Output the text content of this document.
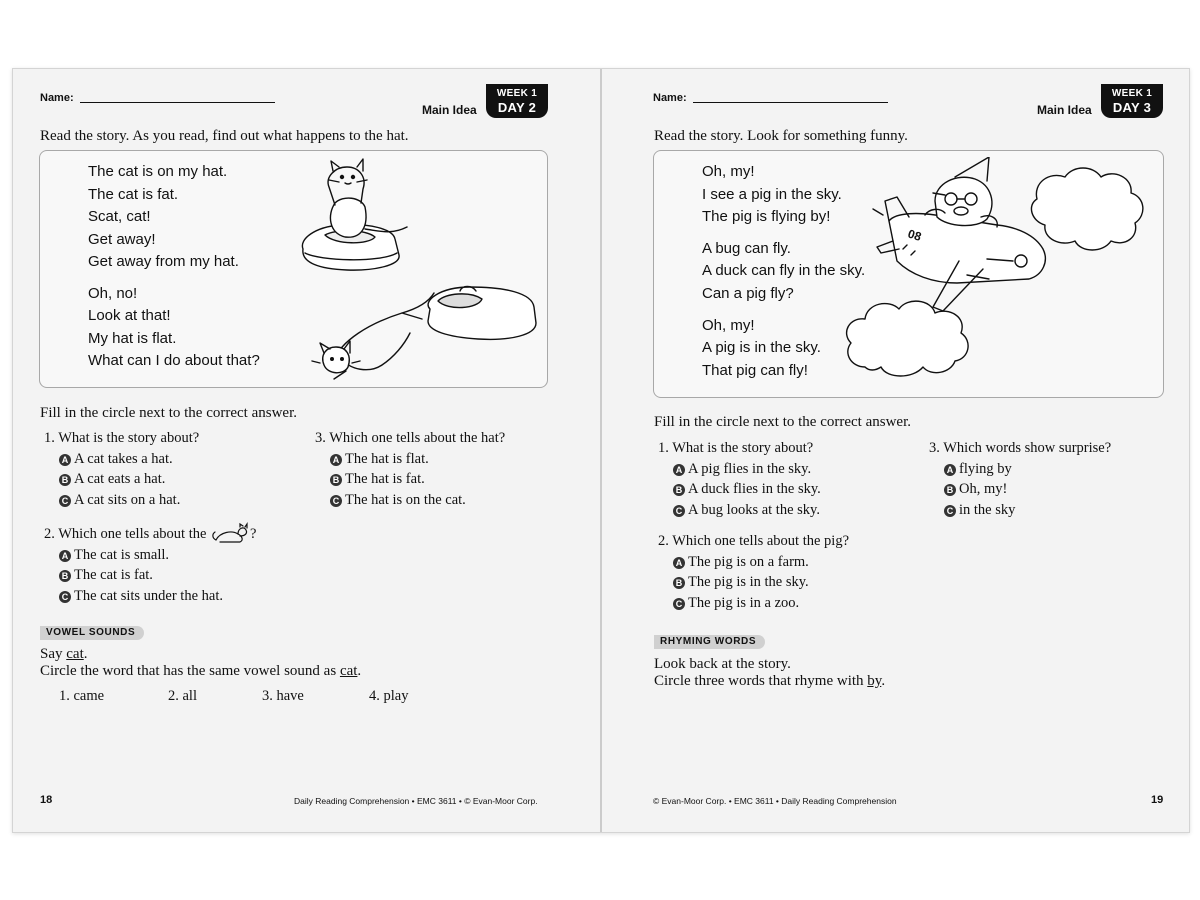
Name:
Main Idea
WEEK 1
DAY 2
Read the story. As you read, find out what happens to the hat.
The cat is on my hat.
The cat is fat.
Scat, cat!
Get away!
Get away from my hat.
Oh, no!
Look at that!
My hat is flat.
What can I do about that?
Fill in the circle next to the correct answer.
1. What is the story about?
A A cat takes a hat.
B A cat eats a hat.
C A cat sits on a hat.
3. Which one tells about the hat?
A The hat is flat.
B The hat is fat.
C The hat is on the cat.
2. Which one tells about the	?
A The cat is small.
B The cat is fat.
C The cat sits under the hat.
VOWEL SOUNDS
Say cat.
Circle the word that has the same vowel sound as cat.
1. came	2. all	3. have	4. play
18	Daily Reading Comprehension • EMC 3611 • © Evan-Moor Corp.
Name:
Main Idea
WEEK 1
DAY 3
Read the story. Look for something funny.
Oh, my!
I see a pig in the sky.
The pig is flying by!
A bug can fly.
A duck can fly in the sky.
Can a pig fly?
Oh, my!
A pig is in the sky.
That pig can fly!
08
Fill in the circle next to the correct answer.
1. What is the story about?
A A pig flies in the sky.
B A duck flies in the sky.
C A bug looks at the sky.
3. Which words show surprise?
A flying by
B Oh, my!
C in the sky
2. Which one tells about the pig?
A The pig is on a farm.
B The pig is in the sky.
C The pig is in a zoo.
RHYMING WORDS
Look back at the story.
Circle three words that rhyme with by.
© Evan-Moor Corp. • EMC 3611 • Daily Reading Comprehension	19
